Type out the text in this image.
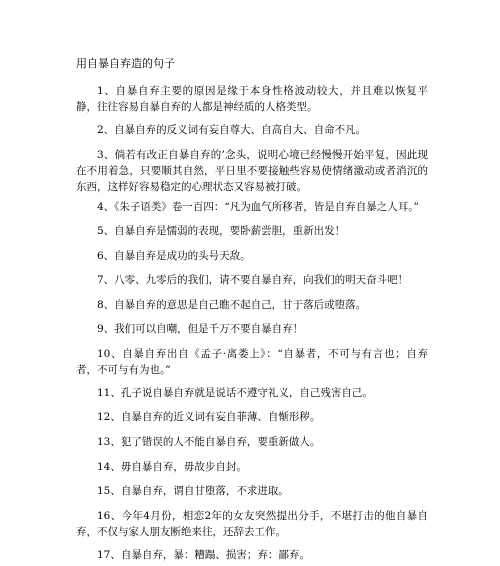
用自暴自弃造的句子

1、自暴自弃主要的原因是缘于本身性格波动较大，并且难以恢复平静，往往容易自暴自弃的人都是神经质的人格类型。

2、自暴自弃的反义词有妄自尊大、自高自大、自命不凡。

3、倘若有改正自暴自弃的’念头，说明心境已经慢慢开始平复，因此现在不用着急，只要顺其自然，平日里不要接触些容易使情绪激动或者消沉的东西，这样好容易稳定的心理状态又容易被打破。

4、《朱子语类》卷一百四：“凡为血气所移者，皆是自弃自暴之人耳。”

5、自暴自弃是懦弱的表现，要卧薪尝胆，重新出发！

6、自暴自弃是成功的头号天敌。

7、八零、九零后的我们，请不要自暴自弃，向我们的明天奋斗吧！

8、自暴自弃的意思是自己瞧不起自己，甘于落后或堕落。

9、我们可以自嘲，但是千万不要自暴自弃！

10、自暴自弃出自《孟子·离娄上》：“自暴者，不可与有言也；自弃者，不可与有为也。”

11、孔子说自暴自弃就是说话不遵守礼义，自己残害自己。

12、自暴自弃的近义词有妄自菲薄、自惭形秽。

13、犯了错误的人不能自暴自弃，要重新做人。

14、毋自暴自弃，毋故步自封。

15、自暴自弃，谓自甘堕落，不求进取。

16、今年4月份，相恋2年的女友突然提出分手，不堪打击的他自暴自弃，不仅与家人朋友断绝来往，还辞去工作。

17、自暴自弃，暴：糟蹋、损害；弃：鄙弃。
